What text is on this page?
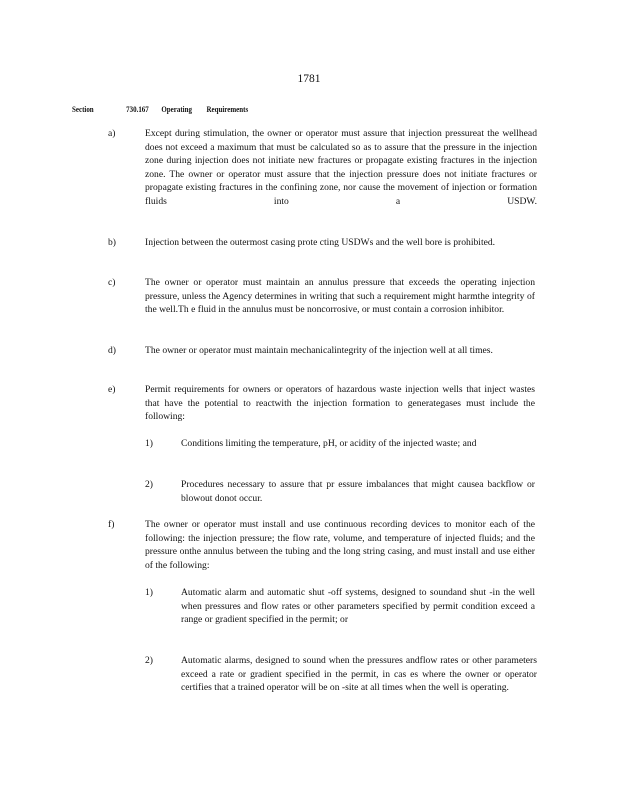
1781
Section	730.167 Operating Requirements
a)	Except during stimulation, the owner or operator must assure that injection pressureat the wellhead does not exceed a maximum that must be calculated so as to assure that the pressure in the injection zone during injection does not initiate new fractures or propagate existing fractures in the injection zone. The owner or operator must assure that the injection pressure does not initiate fractures or propagate existing fractures in the confining zone, nor cause the movement of injection or formation fluids into a USDW.
b)	Injection between the outermost casing prote cting USDWs and the well bore is prohibited.
c)	The owner or operator must maintain an annulus pressure that exceeds the operating injection pressure, unless the Agency determines in writing that such a requirement might harmthe integrity of the well.Th e fluid in the annulus must be noncorrosive, or must contain a corrosion inhibitor.
d)	The owner or operator must maintain mechanicalintegrity of the injection well at all times.
e)	Permit requirements for owners or operators of hazardous waste injection wells that inject wastes that have the potential to reactwith the injection formation to generategases must include the following:
1)	Conditions limiting the temperature, pH, or acidity of the injected waste; and
2)	Procedures necessary to assure that pr essure imbalances that might causea backflow or blowout donot occur.
f)	The owner or operator must install and use continuous recording devices to monitor each of the following: the injection pressure; the flow rate, volume, and temperature of injected fluids; and the pressure onthe annulus between the tubing and the long string casing, and must install and use either of the following:
1)	Automatic alarm and automatic shut -off systems, designed to soundand shut -in the well when pressures and flow rates or other parameters specified by permit condition exceed a range or gradient specified in the permit; or
2)	Automatic alarms, designed to sound when the pressures andflow rates or other parameters exceed a rate or gradient specified in the permit, in cas es where the owner or operator certifies that a trained operator will be on -site at all times when the well is operating.
